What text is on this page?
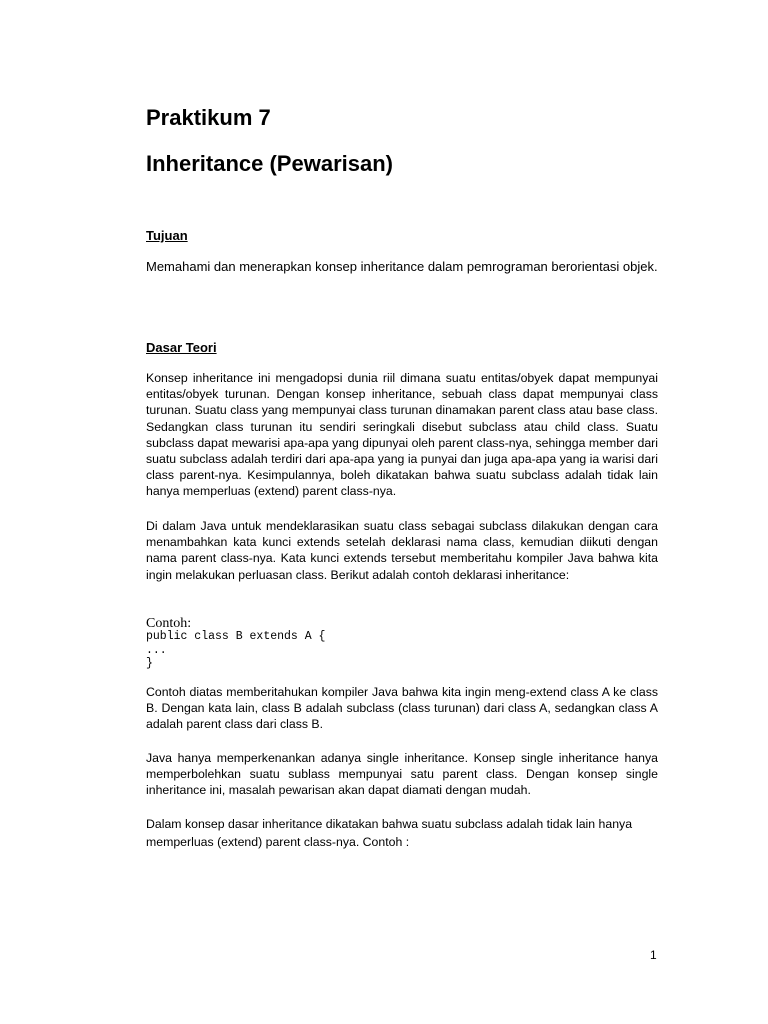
Praktikum 7
Inheritance (Pewarisan)
Tujuan

Memahami dan menerapkan konsep inheritance dalam pemrograman berorientasi objek.

Dasar Teori

Konsep inheritance ini mengadopsi dunia riil dimana suatu entitas/obyek dapat mempunyai entitas/obyek turunan. Dengan konsep inheritance, sebuah class dapat mempunyai class turunan. Suatu class yang mempunyai class turunan dinamakan parent class atau base class. Sedangkan class turunan itu sendiri seringkali disebut subclass atau child class. Suatu subclass dapat mewarisi apa-apa yang dipunyai oleh parent class-nya, sehingga member dari suatu subclass adalah terdiri dari apa-apa yang ia punyai dan juga apa-apa yang ia warisi dari class parent-nya. Kesimpulannya, boleh dikatakan bahwa suatu subclass adalah tidak lain hanya memperluas (extend) parent class-nya.

Di dalam Java untuk mendeklarasikan suatu class sebagai subclass dilakukan dengan cara menambahkan kata kunci extends setelah deklarasi nama class, kemudian diikuti dengan nama parent class-nya. Kata kunci extends tersebut memberitahu kompiler Java bahwa kita ingin melakukan perluasan class. Berikut adalah contoh deklarasi inheritance:

Contoh:

public class B extends A {
...
}

Contoh diatas memberitahukan kompiler Java bahwa kita ingin meng-extend class A ke class B. Dengan kata lain, class B adalah subclass (class turunan) dari class A, sedangkan class A adalah parent class dari class B.

Java hanya memperkenankan adanya single inheritance. Konsep single inheritance hanya memperbolehkan suatu sublass mempunyai satu parent class. Dengan konsep single inheritance ini, masalah pewarisan akan dapat diamati dengan mudah.

Dalam konsep dasar inheritance dikatakan bahwa suatu subclass adalah tidak lain hanya memperluas (extend) parent class-nya. Contoh :

1
